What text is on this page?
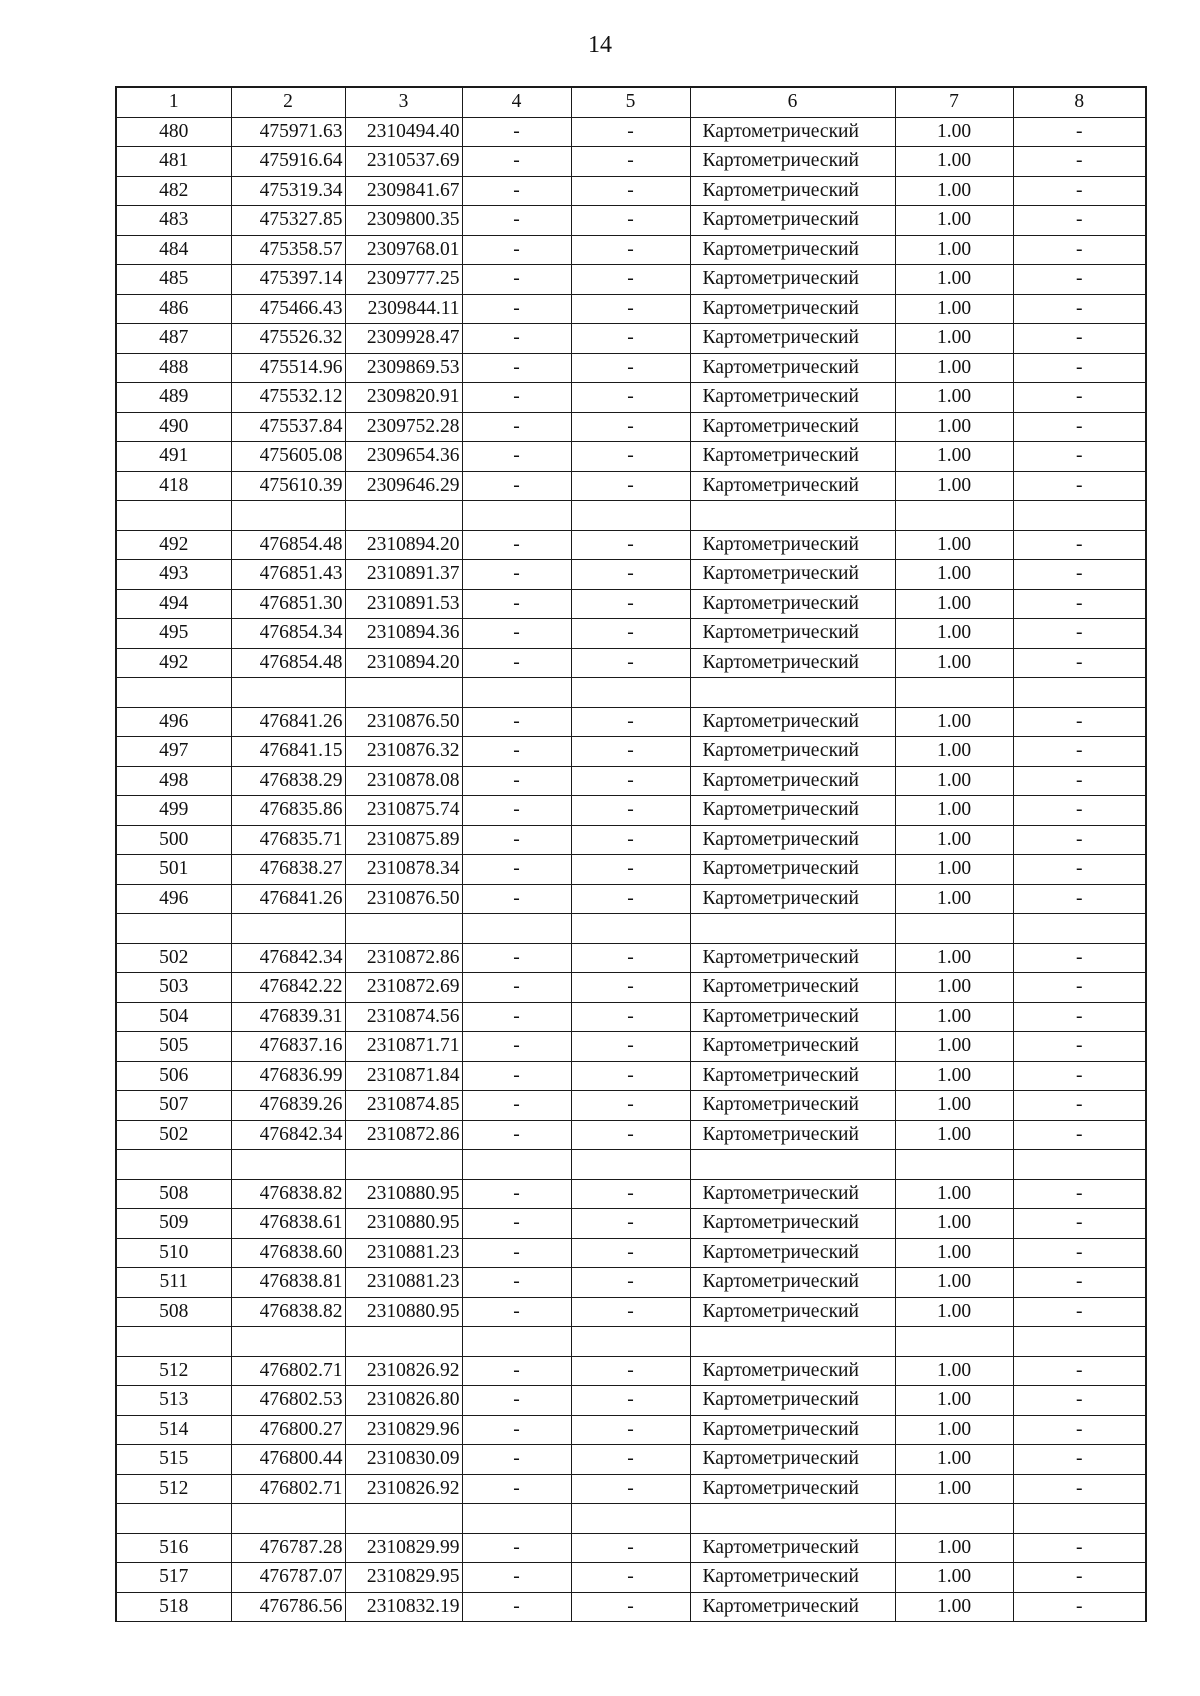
14
1	2	3	4	5	6	7	8
480	475971.63	2310494.40	-	-	Картометрический	1.00	-
481	475916.64	2310537.69	-	-	Картометрический	1.00	-
482	475319.34	2309841.67	-	-	Картометрический	1.00	-
483	475327.85	2309800.35	-	-	Картометрический	1.00	-
484	475358.57	2309768.01	-	-	Картометрический	1.00	-
485	475397.14	2309777.25	-	-	Картометрический	1.00	-
486	475466.43	2309844.11	-	-	Картометрический	1.00	-
487	475526.32	2309928.47	-	-	Картометрический	1.00	-
488	475514.96	2309869.53	-	-	Картометрический	1.00	-
489	475532.12	2309820.91	-	-	Картометрический	1.00	-
490	475537.84	2309752.28	-	-	Картометрический	1.00	-
491	475605.08	2309654.36	-	-	Картометрический	1.00	-
418	475610.39	2309646.29	-	-	Картометрический	1.00	-

492	476854.48	2310894.20	-	-	Картометрический	1.00	-
493	476851.43	2310891.37	-	-	Картометрический	1.00	-
494	476851.30	2310891.53	-	-	Картометрический	1.00	-
495	476854.34	2310894.36	-	-	Картометрический	1.00	-
492	476854.48	2310894.20	-	-	Картометрический	1.00	-

496	476841.26	2310876.50	-	-	Картометрический	1.00	-
497	476841.15	2310876.32	-	-	Картометрический	1.00	-
498	476838.29	2310878.08	-	-	Картометрический	1.00	-
499	476835.86	2310875.74	-	-	Картометрический	1.00	-
500	476835.71	2310875.89	-	-	Картометрический	1.00	-
501	476838.27	2310878.34	-	-	Картометрический	1.00	-
496	476841.26	2310876.50	-	-	Картометрический	1.00	-

502	476842.34	2310872.86	-	-	Картометрический	1.00	-
503	476842.22	2310872.69	-	-	Картометрический	1.00	-
504	476839.31	2310874.56	-	-	Картометрический	1.00	-
505	476837.16	2310871.71	-	-	Картометрический	1.00	-
506	476836.99	2310871.84	-	-	Картометрический	1.00	-
507	476839.26	2310874.85	-	-	Картометрический	1.00	-
502	476842.34	2310872.86	-	-	Картометрический	1.00	-

508	476838.82	2310880.95	-	-	Картометрический	1.00	-
509	476838.61	2310880.95	-	-	Картометрический	1.00	-
510	476838.60	2310881.23	-	-	Картометрический	1.00	-
511	476838.81	2310881.23	-	-	Картометрический	1.00	-
508	476838.82	2310880.95	-	-	Картометрический	1.00	-

512	476802.71	2310826.92	-	-	Картометрический	1.00	-
513	476802.53	2310826.80	-	-	Картометрический	1.00	-
514	476800.27	2310829.96	-	-	Картометрический	1.00	-
515	476800.44	2310830.09	-	-	Картометрический	1.00	-
512	476802.71	2310826.92	-	-	Картометрический	1.00	-

516	476787.28	2310829.99	-	-	Картометрический	1.00	-
517	476787.07	2310829.95	-	-	Картометрический	1.00	-
518	476786.56	2310832.19	-	-	Картометрический	1.00	-
